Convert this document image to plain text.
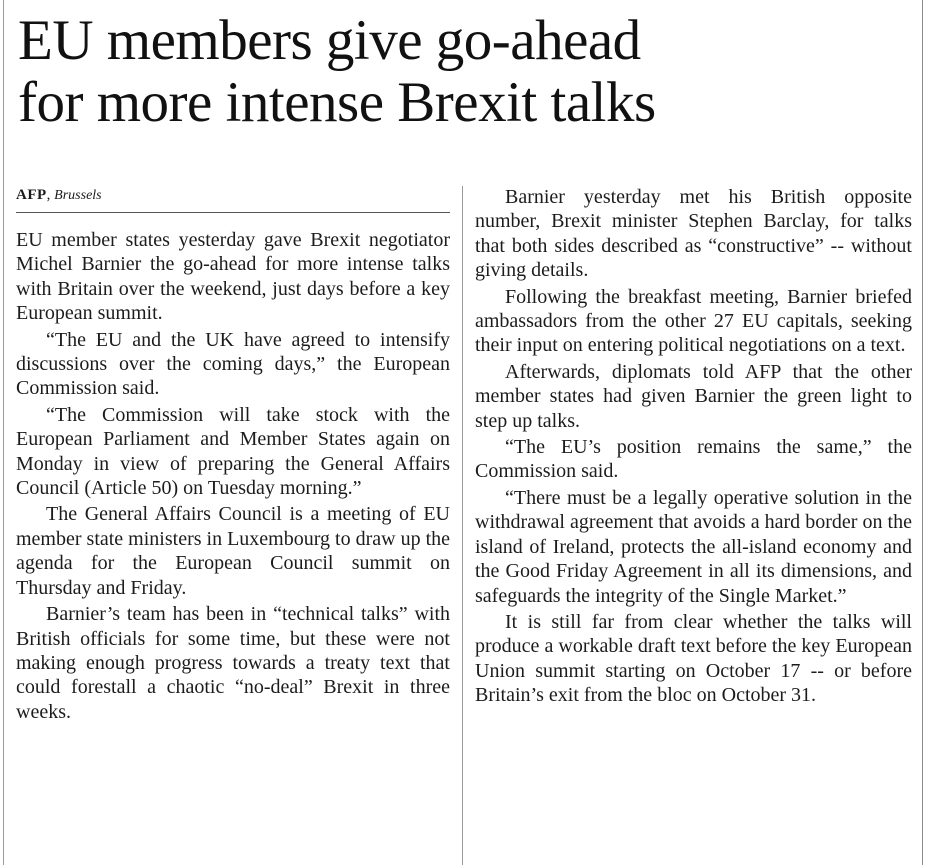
EU members give go-ahead
for more intense Brexit talks
AFP, Brussels

EU member states yesterday gave Brexit negotiator Michel Barnier the go-ahead for more intense talks with Britain over the weekend, just days before a key European summit.

“The EU and the UK have agreed to intensify discussions over the coming days,” the European Commission said.

“The Commission will take stock with the European Parliament and Member States again on Monday in view of preparing the General Affairs Council (Article 50) on Tuesday morning.”

The General Affairs Council is a meeting of EU member state ministers in Luxembourg to draw up the agenda for the European Council summit on Thursday and Friday.

Barnier’s team has been in “technical talks” with British officials for some time, but these were not making enough progress towards a treaty text that could forestall a chaotic “no-deal” Brexit in three weeks.

Barnier yesterday met his British opposite number, Brexit minister Stephen Barclay, for talks that both sides described as “constructive” -- without giving details.

Following the breakfast meeting, Barnier briefed ambassadors from the other 27 EU capitals, seeking their input on entering political negotiations on a text.

Afterwards, diplomats told AFP that the other member states had given Barnier the green light to step up talks.

“The EU’s position remains the same,” the Commission said.

“There must be a legally operative solution in the withdrawal agreement that avoids a hard border on the island of Ireland, protects the all-island economy and the Good Friday Agreement in all its dimensions, and safeguards the integrity of the Single Market.”

It is still far from clear whether the talks will produce a workable draft text before the key European Union summit starting on October 17 -- or before Britain’s exit from the bloc on October 31.
